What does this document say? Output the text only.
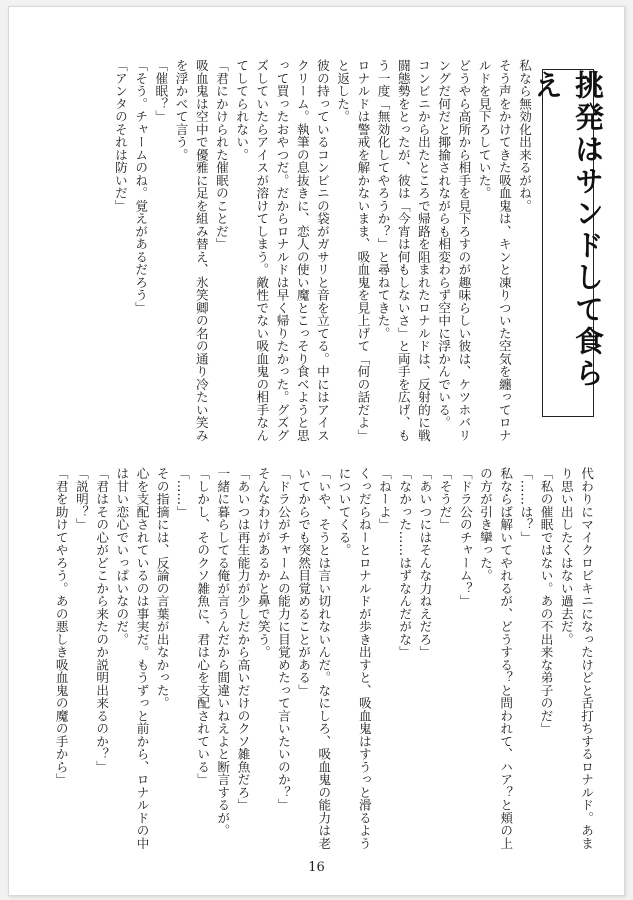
挑発はサンドして食らえ

私なら無効化出来るがね。

そう声をかけてきた吸血鬼は、キンと凍りついた空気を纏ってロナルドを見下ろしていた。

どうやら高所から相手を見下ろすのが趣味らしい彼は、ケツホバリングだ何だと揶揄されながらも相変わらず空中に浮かんでいる。

コンビニから出たところで帰路を阻まれたロナルドは、反射的に戦闘態勢をとったが、彼は「今宵は何もしないさ」と両手を広げ、もう一度「無効化してやろうか？」と尋ねてきた。

ロナルドは警戒を解かないまま、吸血鬼を見上げて「何の話だよ」と返した。

彼の持っているコンビニの袋がガサリと音を立てる。中にはアイスクリーム。執筆の息抜きに、恋人の使い魔とこっそり食べようと思って買ったおやつだ。だからロナルドは早く帰りたかった。グズグズしていたらアイスが溶けてしまう。敵性でない吸血鬼の相手なんてしてられない。

「君にかけられた催眠のことだ」

吸血鬼は空中で優雅に足を組み替え、氷笑卿の名の通り冷たい笑みを浮かべて言う。

「催眠？」

「そう。チャームのね。覚えがあるだろう」

「アンタのそれは防いだ」

代わりにマイクロビキニになったけどと舌打ちするロナルド。あまり思い出したくはない過去だ。

「私の催眠ではない。あの不出来な弟子のだ」

「……は？」

私ならば解いてやれるが、どうする？と問われて、ハア？と頬の上の方が引き攣った。

「ドラ公のチャーム？」

「そうだ」

「あいつにはそんな力ねえだろ」

「なかった……はずなんだがな」

「ねーよ」

くっだらねーとロナルドが歩き出すと、吸血鬼はすうっと滑るようについてくる。

「いや、そうとは言い切れないんだ。なにしろ、吸血鬼の能力は老いてからでも突然目覚めることがある」

「ドラ公がチャームの能力に目覚めたって言いたいのか？」

そんなわけがあるかと鼻で笑う。

「あいつは再生能力が少しだから高いだけのクソ雑魚だろ」

一緒に暮らしてる俺が言うんだから間違いねえよと断言するが。

「しかし、そのクソ雑魚に、君は心を支配されている」

「……」

その指摘には、反論の言葉が出なかった。

心を支配されているのは事実だ。もうずっと前から、ロナルドの中は甘い恋心でいっぱいなのだ。

「君はその心がどこから来たのか説明出来るのか？」

「説明？」

「君を助けてやろう。あの悪しき吸血鬼の魔の手から」

16
